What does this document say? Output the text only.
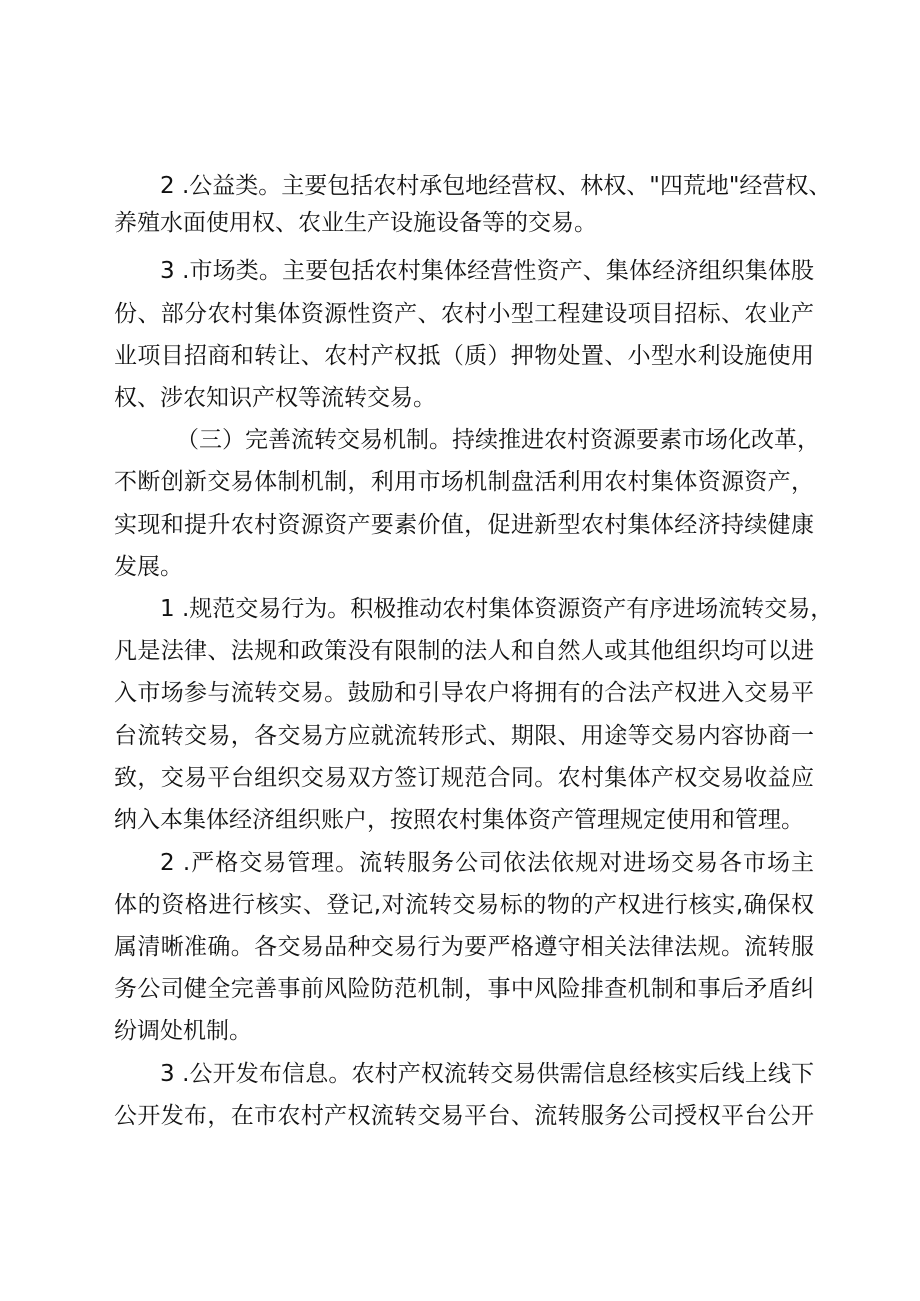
2 .公益类。主要包括农村承包地经营权、林权、"四荒地"经营权、
养殖水面使用权、农业生产设施设备等的交易。
3 .市场类。主要包括农村集体经营性资产、集体经济组织集体股
份、部分农村集体资源性资产、农村小型工程建设项目招标、农业产
业项目招商和转让、农村产权抵（质）押物处置、小型水利设施使用
权、涉农知识产权等流转交易。
（三）完善流转交易机制。持续推进农村资源要素市场化改革，
不断创新交易体制机制，利用市场机制盘活利用农村集体资源资产，
实现和提升农村资源资产要素价值，促进新型农村集体经济持续健康
发展。
1 .规范交易行为。积极推动农村集体资源资产有序进场流转交易，
凡是法律、法规和政策没有限制的法人和自然人或其他组织均可以进
入市场参与流转交易。鼓励和引导农户将拥有的合法产权进入交易平
台流转交易，各交易方应就流转形式、期限、用途等交易内容协商一
致，交易平台组织交易双方签订规范合同。农村集体产权交易收益应
纳入本集体经济组织账户，按照农村集体资产管理规定使用和管理。
2 .严格交易管理。流转服务公司依法依规对进场交易各市场主
体的资格进行核实、登记,对流转交易标的物的产权进行核实,确保权
属清晰准确。各交易品种交易行为要严格遵守相关法律法规。流转服
务公司健全完善事前风险防范机制，事中风险排查机制和事后矛盾纠
纷调处机制。
3 .公开发布信息。农村产权流转交易供需信息经核实后线上线下
公开发布，在市农村产权流转交易平台、流转服务公司授权平台公开
